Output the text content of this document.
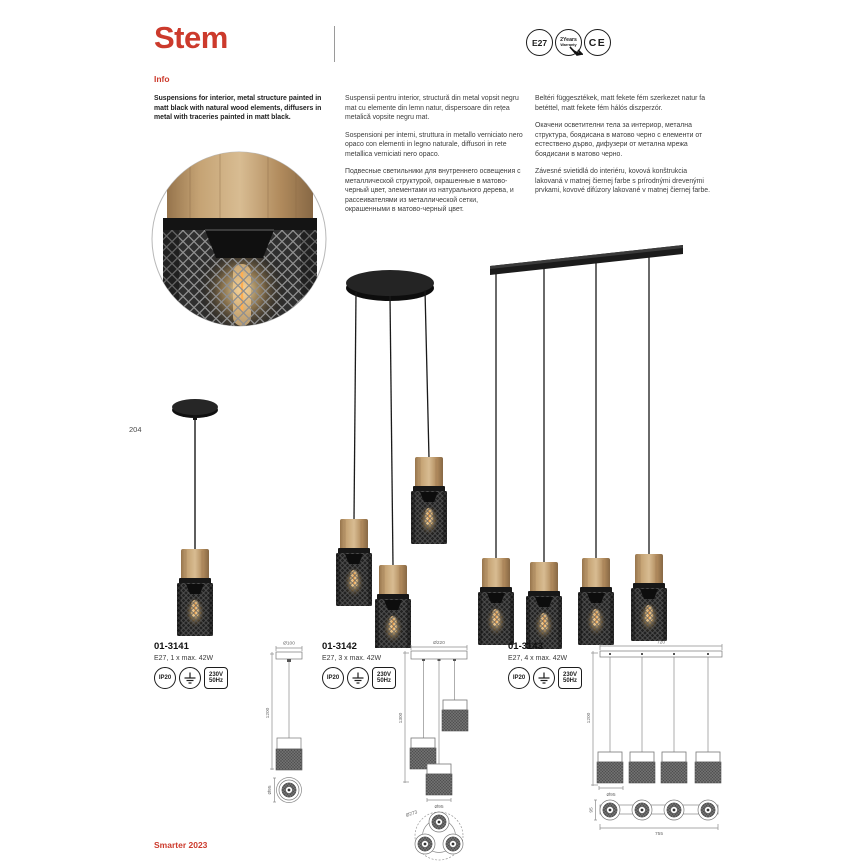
Stem	E27	2Years
Warranty CE
Info

Suspensions for interior, metal structure painted in matt black with natural wood elements, diffusers in metal with traceries painted in matt black.

Suspensii pentru interior, structură din metal vopsit negru mat cu elemente din lemn natur, dispersoare din rețea metalică vopsite negru mat.

Sospensioni per interni, struttura in metallo verniciato nero opaco con elementi in legno naturale, diffusori in rete metallica verniciati nero opaco.

Подвесные светильники для внутреннего освещения с металлической структурой, окрашенные в матово-черный цвет, элементами из натурального дерева, и рассеивателями из металлической сетки, окрашенными в матово-черный цвет.

Beltéri függesztékek, matt fekete fém szerkezet natur fa betéttel, matt fekete fém hálós diszperzór.

Окачени осветителни тела за интериор, метална структура, боядисана в матово черно с елементи от естествено дърво, дифузери от метална мрежа боядисани в матово черно.

Závesné svietidlá do interiéru, kovová konštrukcia lakovaná v matnej čiernej farbe s prírodnými drevenými prvkami, kovové difúzory lakované v matnej čiernej farbe.

204
01-3141
E27, 1 x max. 42W
IP20
230V
50Hz
Ø100
1200
Ø95
01-3142
E27, 3 x max. 42W
IP20
230V
50Hz
Ø220
1300
Ø95
Ø273
01-3143
E27, 4 x max. 42W
IP20
230V
50Hz
720
1200
Ø95
95
755
Smarter 2023
